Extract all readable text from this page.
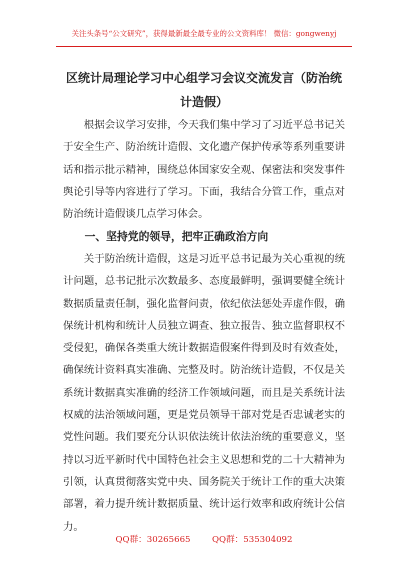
关注头条号“公文研究”，获得最新最全最专业的公文资料库！ 微信：gongwenyj
区统计局理论学习中心组学习会议交流发言（防治统计造假）

根据会议学习安排，今天我们集中学习了习近平总书记关于安全生产、防治统计造假、文化遗产保护传承等系列重要讲话和指示批示精神，围绕总体国家安全观、保密法和突发事件舆论引导等内容进行了学习。下面，我结合分管工作，重点对防治统计造假谈几点学习体会。

一、坚持党的领导，把牢正确政治方向

关于防治统计造假，这是习近平总书记最为关心重视的统计问题，总书记批示次数最多、态度最鲜明，强调要健全统计数据质量责任制，强化监督问责，依纪依法惩处弄虚作假，确保统计机构和统计人员独立调查、独立报告、独立监督职权不受侵犯，确保各类重大统计数据造假案件得到及时有效查处，确保统计资料真实准确、完整及时。防治统计造假，不仅是关系统计数据真实准确的经济工作领域问题，而且是关系统计法权威的法治领域问题，更是党员领导干部对党是否忠诚老实的党性问题。我们要充分认识依法统计依法治统的重要意义，坚持以习近平新时代中国特色社会主义思想和党的二十大精神为引领，认真贯彻落实党中央、国务院关于统计工作的重大决策部署，着力提升统计数据质量、统计运行效率和政府统计公信力。

QQ群：30265665 QQ群：535304092
